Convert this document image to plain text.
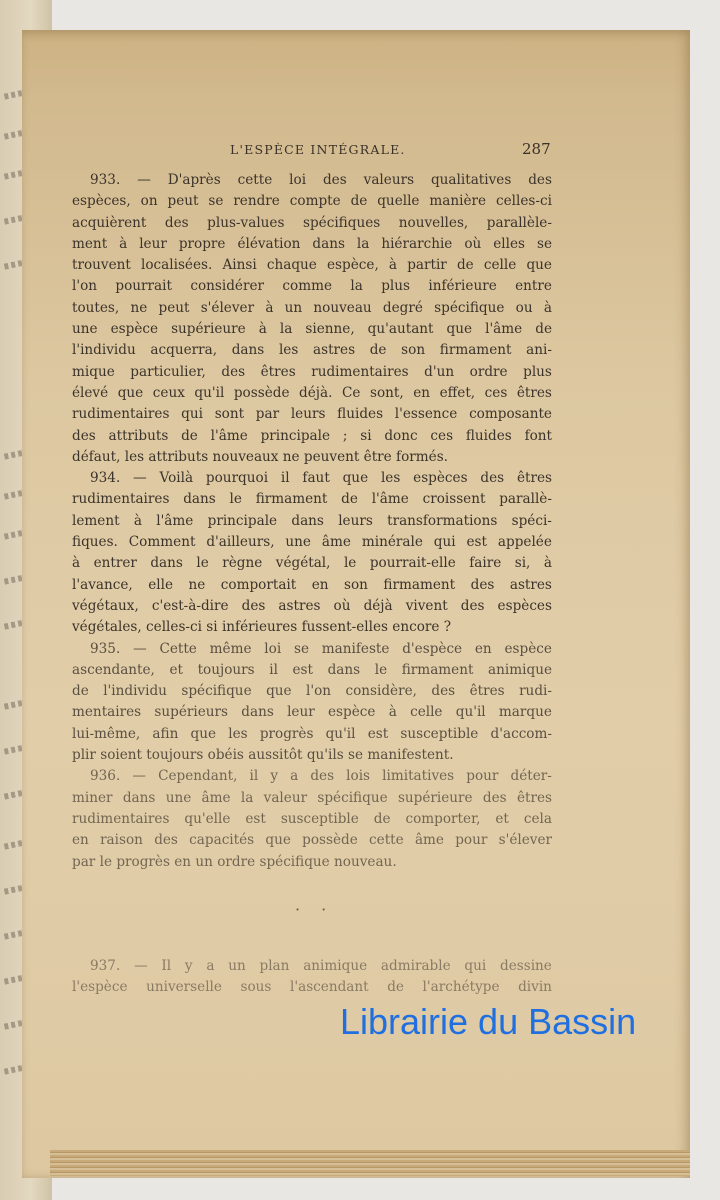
L'ESPÈCE INTÉGRALE.	287
933. — D'après cette loi des valeurs qualitatives des
espèces, on peut se rendre compte de quelle manière celles-ci
acquièrent des plus-values spécifiques nouvelles, parallèle-
ment à leur propre élévation dans la hiérarchie où elles se
trouvent localisées. Ainsi chaque espèce, à partir de celle que
l'on pourrait considérer comme la plus inférieure entre
toutes, ne peut s'élever à un nouveau degré spécifique ou à
une espèce supérieure à la sienne, qu'autant que l'âme de
l'individu acquerra, dans les astres de son firmament ani-
mique particulier, des êtres rudimentaires d'un ordre plus
élevé que ceux qu'il possède déjà. Ce sont, en effet, ces êtres
rudimentaires qui sont par leurs fluides l'essence composante
des attributs de l'âme principale ; si donc ces fluides font
défaut, les attributs nouveaux ne peuvent être formés.
934. — Voilà pourquoi il faut que les espèces des êtres
rudimentaires dans le firmament de l'âme croissent parallè-
lement à l'âme principale dans leurs transformations spéci-
fiques. Comment d'ailleurs, une âme minérale qui est appelée
à entrer dans le règne végétal, le pourrait-elle faire si, à
l'avance, elle ne comportait en son firmament des astres
végétaux, c'est-à-dire des astres où déjà vivent des espèces
végétales, celles-ci si inférieures fussent-elles encore ?
935. — Cette même loi se manifeste d'espèce en espèce
ascendante, et toujours il est dans le firmament animique
de l'individu spécifique que l'on considère, des êtres rudi-
mentaires supérieurs dans leur espèce à celle qu'il marque
lui-même, afin que les progrès qu'il est susceptible d'accom-
plir soient toujours obéis aussitôt qu'ils se manifestent.
936. — Cependant, il y a des lois limitatives pour déter-
miner dans une âme la valeur spécifique supérieure des êtres
rudimentaires qu'elle est susceptible de comporter, et cela
en raison des capacités que possède cette âme pour s'élever
par le progrès en un ordre spécifique nouveau.
· ·
937. — Il y a un plan animique admirable qui dessine
l'espèce universelle sous l'ascendant de l'archétype divin
Librairie du Bassin
